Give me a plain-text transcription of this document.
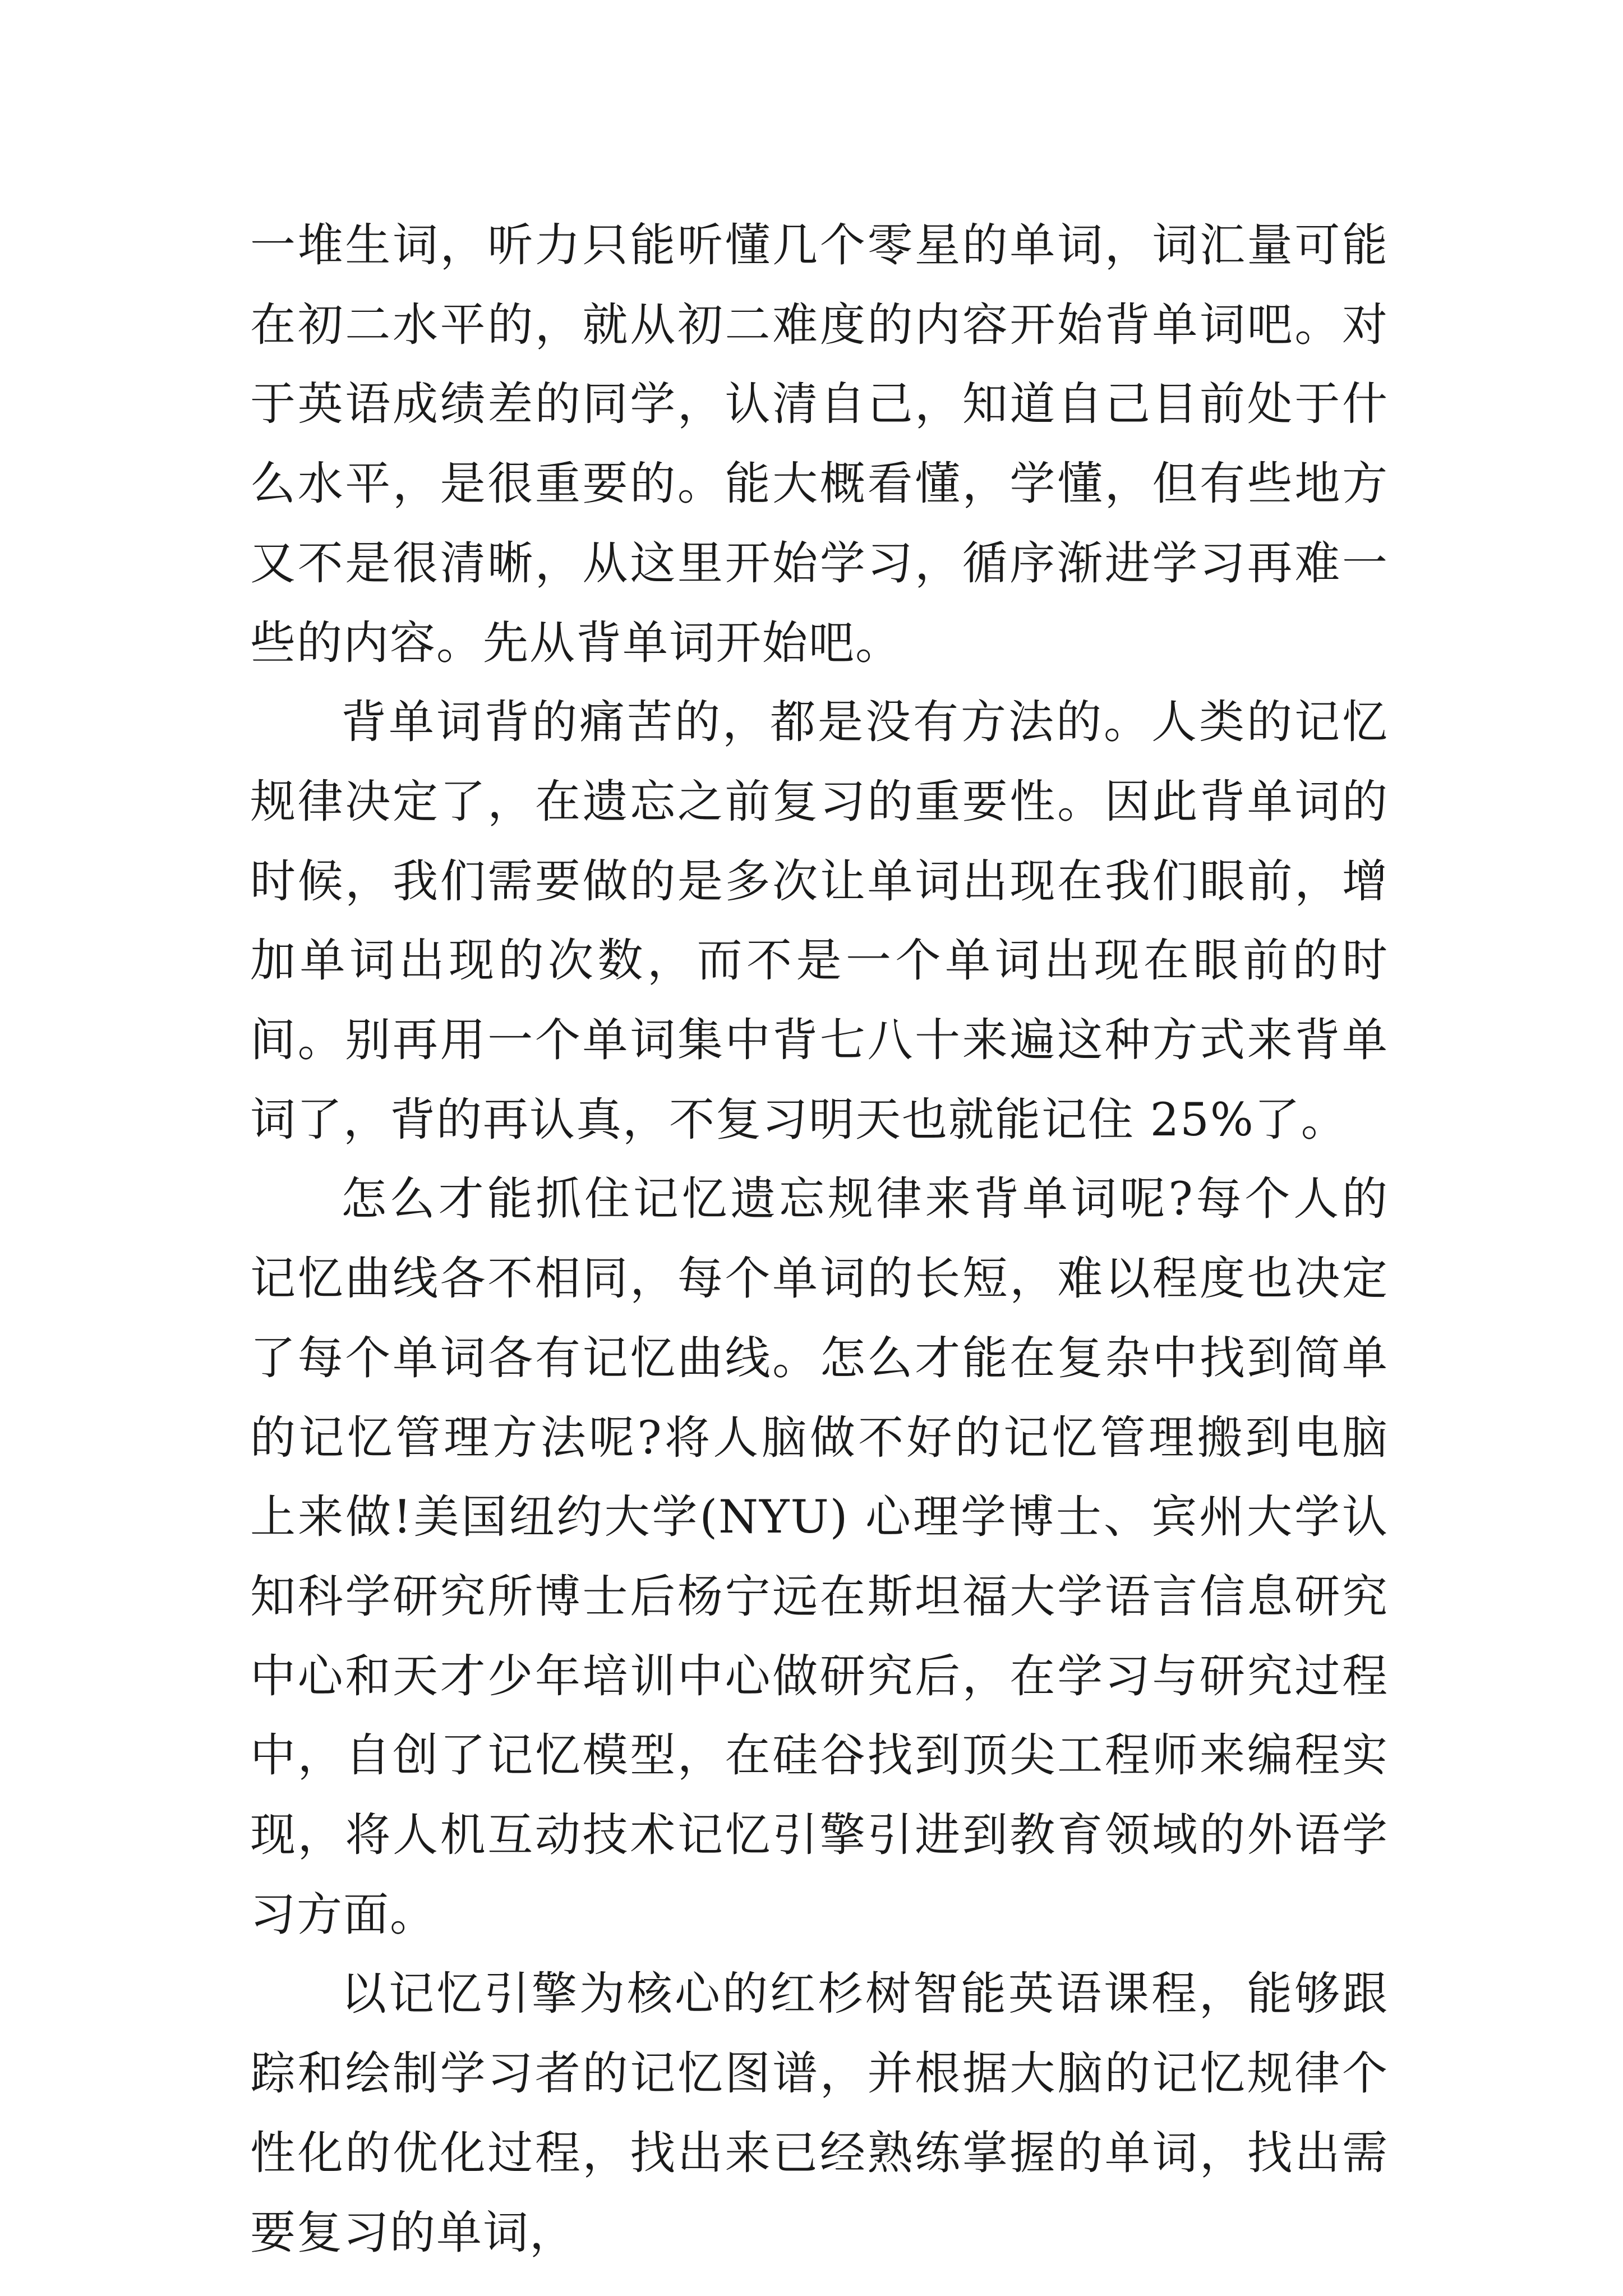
一堆生词，听力只能听懂几个零星的单词，词汇量可能在初二水平的，就从初二难度的内容开始背单词吧。对于英语成绩差的同学，认清自己，知道自己目前处于什么水平，是很重要的。能大概看懂，学懂，但有些地方又不是很清晰，从这里开始学习，循序渐进学习再难一些的内容。先从背单词开始吧。

背单词背的痛苦的，都是没有方法的。人类的记忆规律决定了，在遗忘之前复习的重要性。因此背单词的时候，我们需要做的是多次让单词出现在我们眼前，增加单词出现的次数，而不是一个单词出现在眼前的时间。别再用一个单词集中背七八十来遍这种方式来背单词了，背的再认真，不复习明天也就能记住 25%了。

怎么才能抓住记忆遗忘规律来背单词呢?每个人的记忆曲线各不相同，每个单词的长短，难以程度也决定了每个单词各有记忆曲线。怎么才能在复杂中找到简单的记忆管理方法呢?将人脑做不好的记忆管理搬到电脑上来做!美国纽约大学(NYU) 心理学博士、宾州大学认知科学研究所博士后杨宁远在斯坦福大学语言信息研究中心和天才少年培训中心做研究后，在学习与研究过程中，自创了记忆模型，在硅谷找到顶尖工程师来编程实现，将人机互动技术记忆引擎引进到教育领域的外语学习方面。

以记忆引擎为核心的红杉树智能英语课程，能够跟踪和绘制学习者的记忆图谱，并根据大脑的记忆规律个性化的优化过程，找出来已经熟练掌握的单词，找出需要复习的单词，
